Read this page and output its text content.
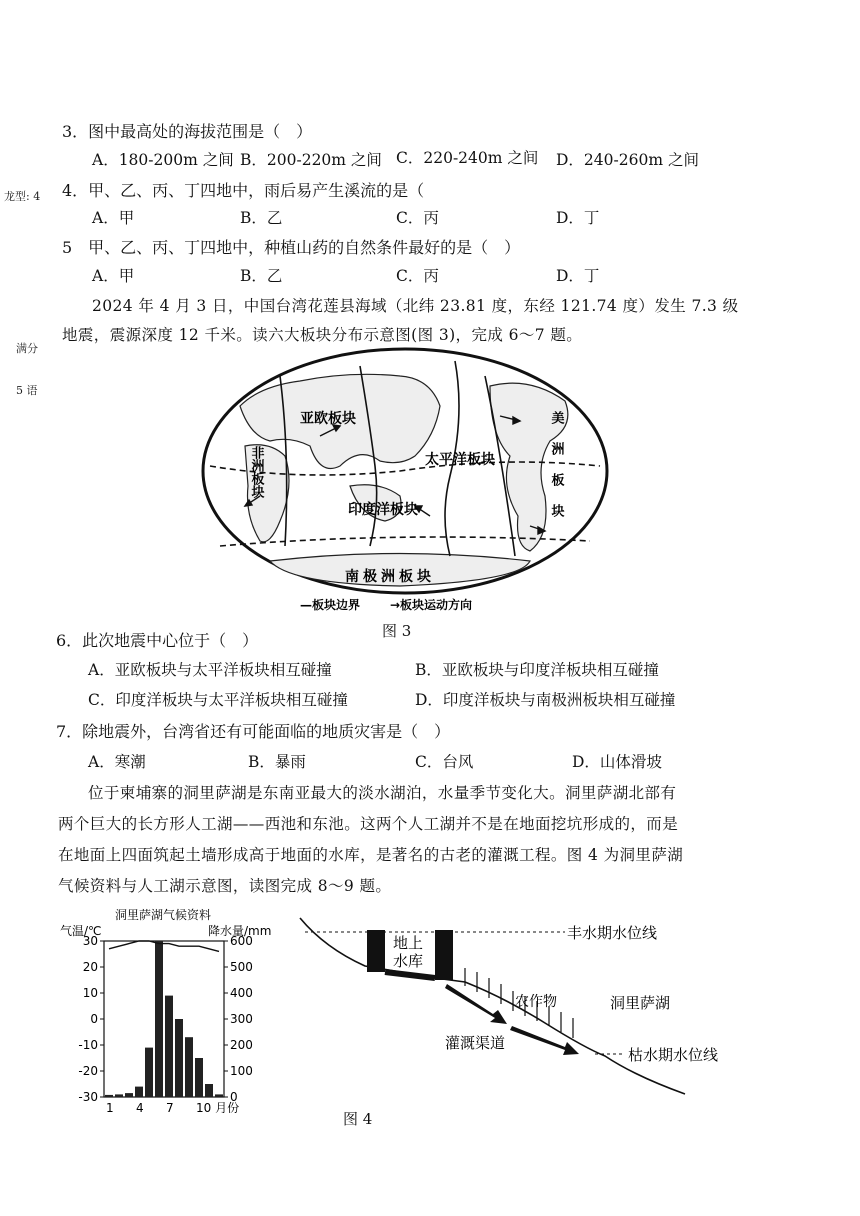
龙型: 4
满分
5 语
3．图中最高处的海拔范围是（　）
A．180-200m 之间 B．200-220m 之间 C．220-240m 之间 D．240-260m 之间
4．甲、乙、丙、丁四地中，雨后易产生溪流的是（
A．甲	B．乙	C．丙	D．丁
5　甲、乙、丙、丁四地中，种植山药的自然条件最好的是（　）
A．甲	B．乙	C．丙	D．丁
2024 年 4 月 3 日，中国台湾花莲县海域（北纬 23.81 度，东经 121.74 度）发生 7.3 级
地震，震源深度 12 千米。读六大板块分布示意图(图 3)，完成 6～7 题。
亚欧板块
太平洋板块
印度洋板块
南极洲板块
非洲板块	美洲板块
—板块边界 →板块运动方向
图 3
6．此次地震中心位于（　）
A．亚欧板块与太平洋板块相互碰撞	B．亚欧板块与印度洋板块相互碰撞
C．印度洋板块与太平洋板块相互碰撞	D．印度洋板块与南极洲板块相互碰撞
7．除地震外，台湾省还有可能面临的地质灾害是（　）
A．寒潮	B．暴雨	C．台风	D．山体滑坡
位于柬埔寨的洞里萨湖是东南亚最大的淡水湖泊，水量季节变化大。洞里萨湖北部有
两个巨大的长方形人工湖——西池和东池。这两个人工湖并不是在地面挖坑形成的，而是
在地面上四面筑起土墙形成高于地面的水库，是著名的古老的灌溉工程。图 4 为洞里萨湖
气候资料与人工湖示意图，读图完成 8～9 题。
洞里萨湖气候资料
气温/℃	降水量/mm
30
20
10
0
-10
-20
-30
600
500
400
300
200
100
0
1 4 7 10 月份
丰水期水位线
枯水期水位线
地上
水库
农作物	洞里萨湖
灌溉渠道
图 4
